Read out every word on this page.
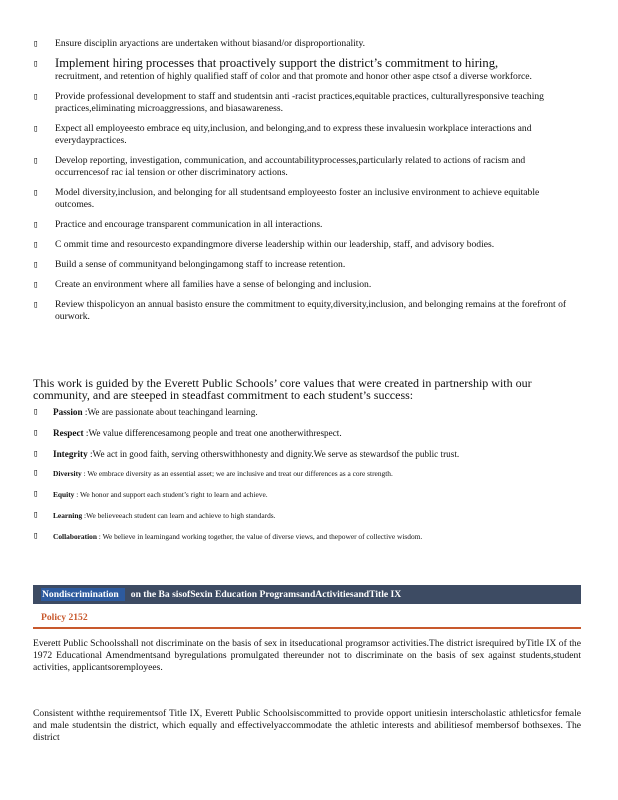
▯ Ensure disciplin aryactions are undertaken without biasand/or disproportionality.
▯ Implement hiring processes that proactively support the district’s commitment to hiring,
recruitment, and retention of highly qualified staff of color and that promote and honor other aspe ctsof a diverse workforce.
▯ Provide professional development to staff and studentsin anti -racist practices,equitable practices, culturallyresponsive teaching practices,eliminating microaggressions, and biasawareness.
▯ Expect all employeesto embrace eq uity,inclusion, and belonging,and to express these invaluesin workplace interactions and everydaypractices.
▯ Develop reporting, investigation, communication, and accountabilityprocesses,particularly related to actions of racism and occurrencesof rac ial tension or other discriminatory actions.
▯ Model diversity,inclusion, and belonging for all studentsand employeesto foster an inclusive environment to achieve equitable outcomes.
▯ Practice and encourage transparent communication in all interactions.
▯ C ommit time and resourcesto expandingmore diverse leadership within our leadership, staff, and advisory bodies.
▯ Build a sense of communityand belongingamong staff to increase retention.
▯ Create an environment where all families have a sense of belonging and inclusion.
▯ Review thispolicyon an annual basisto ensure the commitment to equity,diversity,inclusion, and belonging remains at the forefront of ourwork.
This work is guided by the Everett Public Schools’ core values that were created in partnership with our community, and are steeped in steadfast commitment to each student’s success:
▯ Passion :We are passionate about teachingand learning.
▯ Respect :We value differencesamong people and treat one anotherwithrespect.
▯ Integrity :We act in good faith, serving otherswithhonesty and dignity.We serve as stewardsof the public trust.
▯ Diversity : We embrace diversity as an essential asset; we are inclusive and treat our differences as a core strength.
▯ Equity : We honor and support each student’s right to learn and achieve.
▯ Learning :We believeeach student can learn and achieve to high standards.
▯ Collaboration : We believe in learningand working together, the value of diverse views, and thepower of collective wisdom.
Nondiscrimination on the Ba sisofSexin Education ProgramsandActivitiesandTitle IX
Policy 2152
Everett Public Schoolsshall not discriminate on the basis of sex in itseducational programsor activities.The district isrequired byTitle IX of the 1972 Educational Amendmentsand byregulations promulgated thereunder not to discriminate on the basis of sex against students,student activities, applicantsoremployees.
Consistent withthe requirementsof Title IX, Everett Public Schoolsiscommitted to provide opport unitiesin interscholastic athleticsfor female and male studentsin the district, which equally and effectivelyaccommodate the athletic interests and abilitiesof membersof bothsexes. The district
